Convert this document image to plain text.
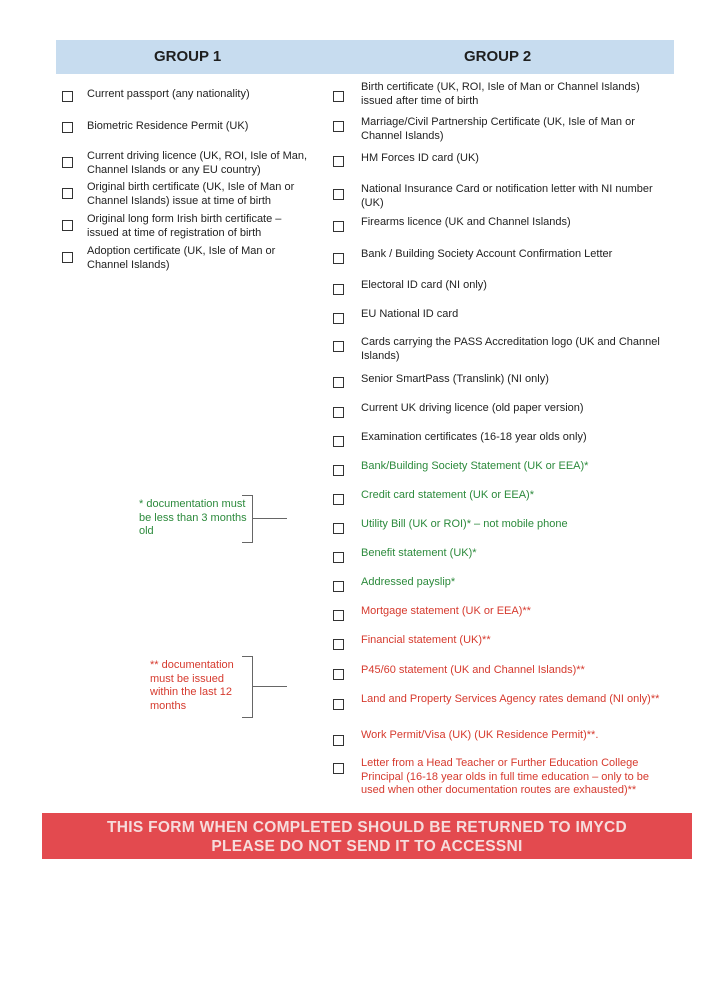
GROUP 1	GROUP 2
Current passport (any nationality)
Biometric Residence Permit (UK)
Current driving licence (UK, ROI, Isle of Man, Channel Islands or any EU country)
Original birth certificate (UK, Isle of Man or Channel Islands) issue at time of birth
Original long form Irish birth certificate – issued at time of registration of birth
Adoption certificate (UK, Isle of Man or Channel Islands)
* documentation must be less than 3 months old
** documentation must be issued within the last 12 months
Birth certificate (UK, ROI, Isle of Man or Channel Islands) issued after time of birth
Marriage/Civil Partnership Certificate (UK, Isle of Man or Channel Islands)
HM Forces ID card (UK)
National Insurance Card or notification letter with NI number (UK)
Firearms licence (UK and Channel Islands)
Bank / Building Society Account Confirmation Letter
Electoral ID card (NI only)
EU National ID card
Cards carrying the PASS Accreditation logo (UK and Channel Islands)
Senior SmartPass (Translink) (NI only)
Current UK driving licence (old paper version)
Examination certificates (16-18 year olds only)
Bank/Building Society Statement (UK or EEA)*
Credit card statement (UK or EEA)*
Utility Bill (UK or ROI)* – not mobile phone
Benefit statement (UK)*
Addressed payslip*
Mortgage statement (UK or EEA)**
Financial statement (UK)**
P45/60 statement (UK and Channel Islands)**
Land and Property Services Agency rates demand (NI only)**
Work Permit/Visa (UK) (UK Residence Permit)**.
Letter from a Head Teacher or Further Education College Principal (16-18 year olds in full time education – only to be used when other documentation routes are exhausted)**
THIS FORM WHEN COMPLETED SHOULD BE RETURNED TO IMYCD
PLEASE DO NOT SEND IT TO ACCESSNI
